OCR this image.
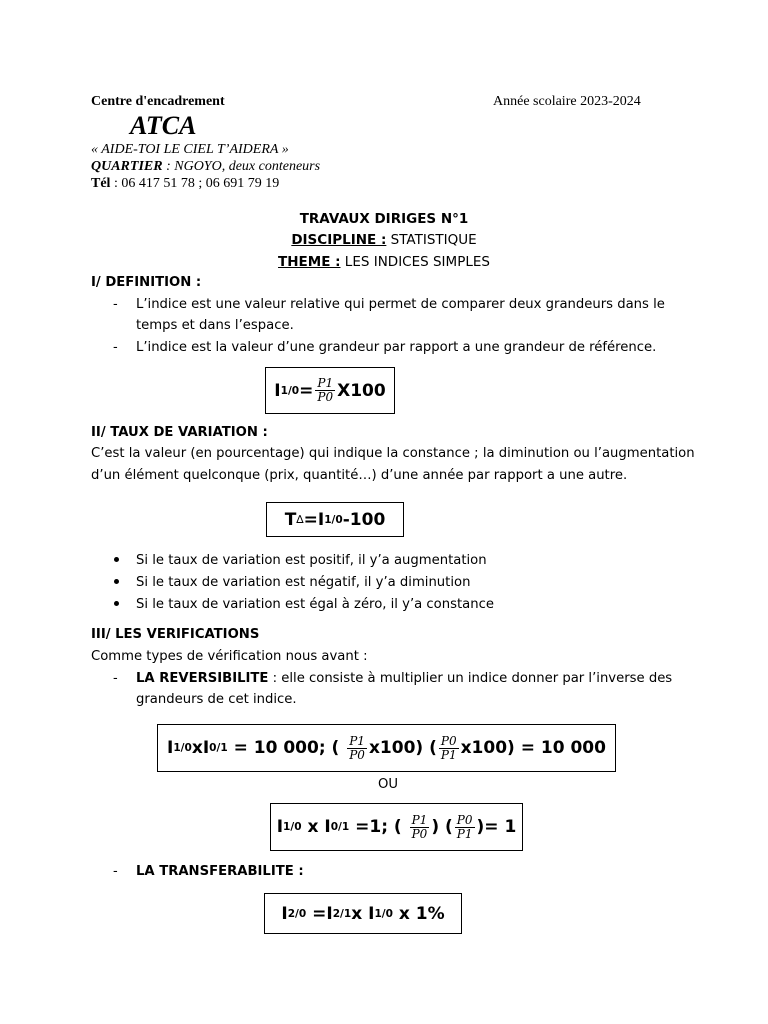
Centre d'encadrement	Année scolaire 2023-2024
ATCA
« AIDE-TOI LE CIEL T’AIDERA »
QUARTIER : NGOYO, deux conteneurs
Tél : 06 417 51 78 ; 06 691 79 19
TRAVAUX DIRIGES N°1
DISCIPLINE : STATISTIQUE
THEME : LES INDICES SIMPLES
I/ DEFINITION :
- L’indice est une valeur relative qui permet de comparer deux grandeurs dans le
temps et dans l’espace.
- L’indice est la valeur d’une grandeur par rapport a une grandeur de référence.
I $1/0 = \frac{P1}{P0} X100$
II/ TAUX DE VARIATION :
C’est la valeur (en pourcentage) qui indique la constance ; la diminution ou l’augmentation
d’un élément quelconque (prix, quantité…) d’une année par rapport a une autre.
T ∆ = I 1/0 -100
Si le taux de variation est positif, il y’a augmentation
Si le taux de variation est négatif, il y’a diminution
Si le taux de variation est égal à zéro, il y’a constance
III/ LES VERIFICATIONS
Comme types de vérification nous avant :
- LA REVERSIBILITE : elle consiste à multiplier un indice donner par l’inverse des
grandeurs de cet indice.
I 1/0 x I 0/1 = 10 000; ( $\frac{P1}{P0} x100$) ( $\frac{P0}{P1} x100) = 10$ 000
OU
I 1/0 x I 0/1 =1; ( $\frac{P1}{P0}$ ) ( $\frac{P0}{P1}$ )= 1
- LA TRANSFERABILITE :
I 2/0 = I 2/1 x I 1/0 x 1%
